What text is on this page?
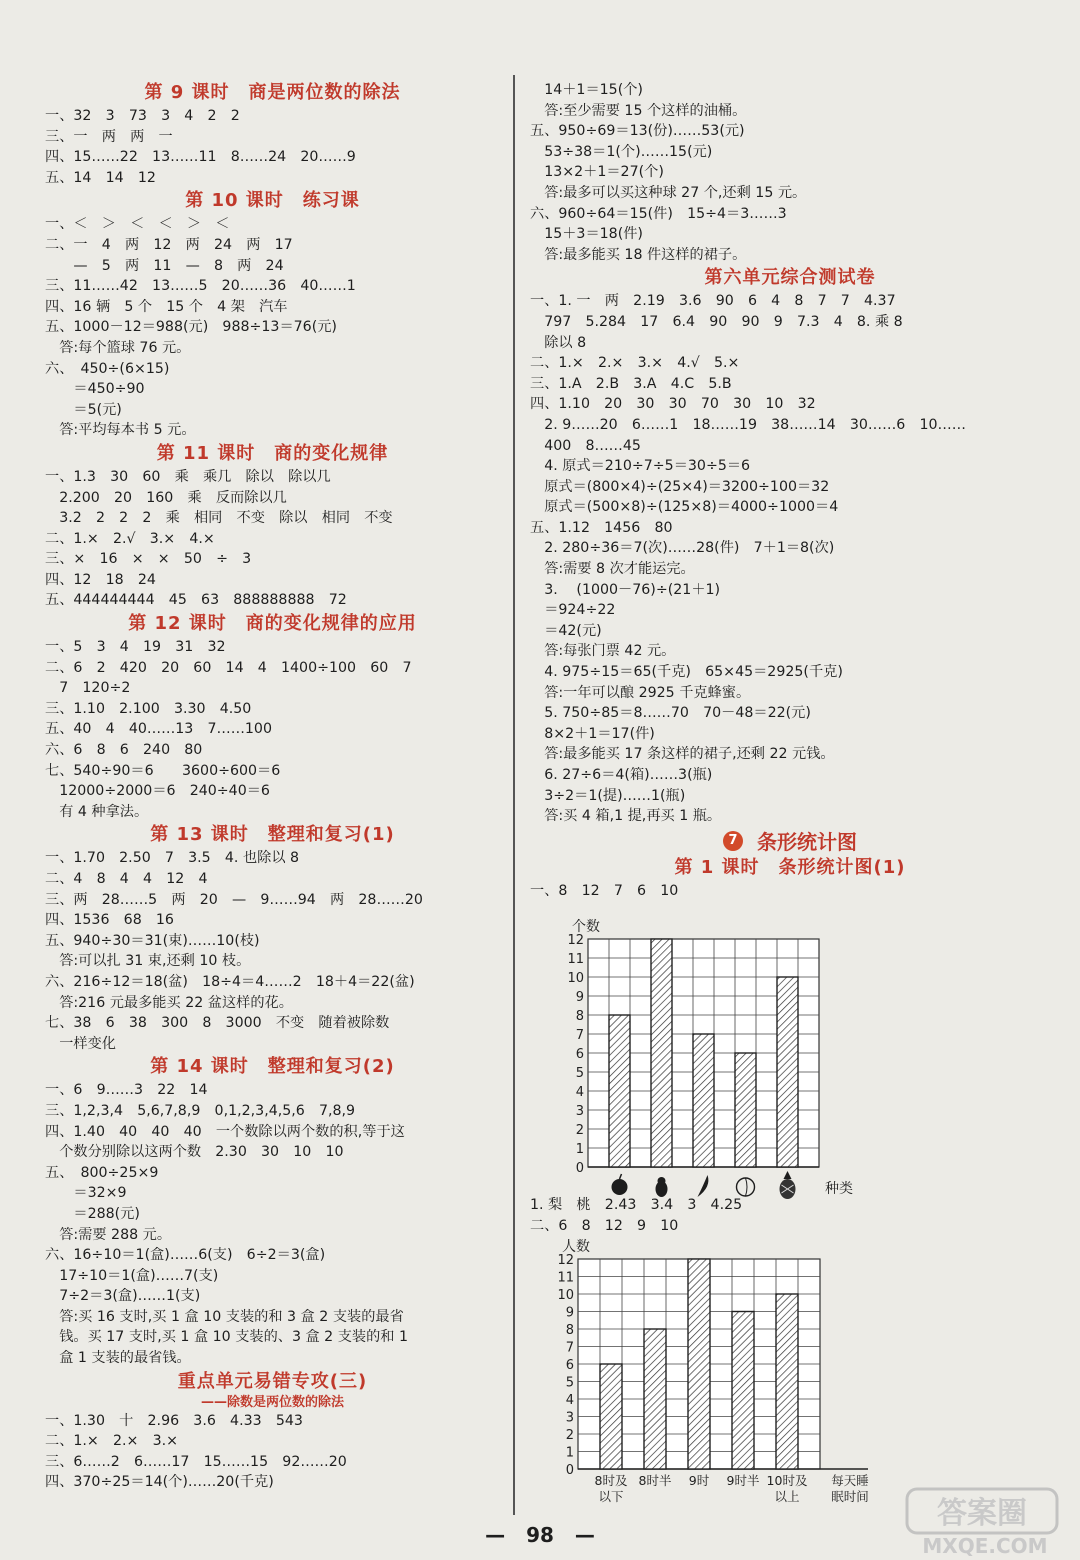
第 9 课时　商是两位数的除法
一、32　3　73　3　4　2　2
三、一　两　两　一
四、15……22　13……11　8……24　20……9
五、14　14　12
第 10 课时　练习课
一、＜　＞　＜　＜　＞　＜
二、一　4　两　12　两　24　两　17
　　—　5　两　11　—　8　两　24
三、11……42　13……5　20……36　40……1
四、16 辆　5 个　15 个　4 架　汽车
五、1000－12＝988(元)　988÷13＝76(元)
　答:每个篮球 76 元。
六、　450÷(6×15)
　　＝450÷90
　　＝5(元)
　答:平均每本书 5 元。
第 11 课时　商的变化规律
一、1.3　30　60　乘　乘几　除以　除以几
　2.200　20　160　乘　反而除以几
　3.2　2　2　2　乘　相同　不变　除以　相同　不变
二、1.×　2.√　3.×　4.×
三、×　16　×　×　50　÷　3
四、12　18　24
五、444444444　45　63　888888888　72
第 12 课时　商的变化规律的应用
一、5　3　4　19　31　32
二、6　2　420　20　60　14　4　1400÷100　60　7
　7　120÷2
三、1.10　2.100　3.30　4.50
五、40　4　40……13　7……100
六、6　8　6　240　80
七、540÷90＝6　　3600÷600＝6
　12000÷2000＝6　240÷40＝6
　有 4 种拿法。
第 13 课时　整理和复习(1)
一、1.70　2.50　7　3.5　4. 也除以 8
二、4　8　4　4　12　4
三、两　28……5　两　20　—　9……94　两　28……20
四、1536　68　16
五、940÷30＝31(束)……10(枝)
　答:可以扎 31 束,还剩 10 枝。
六、216÷12＝18(盆)　18÷4＝4……2　18＋4＝22(盆)
　答:216 元最多能买 22 盆这样的花。
七、38　6　38　300　8　3000　不变　随着被除数
　一样变化
第 14 课时　整理和复习(2)
一、6　9……3　22　14
三、1,2,3,4　5,6,7,8,9　0,1,2,3,4,5,6　7,8,9
四、1.40　40　40　40　一个数除以两个数的积,等于这
　个数分别除以这两个数　2.30　30　10　10
五、　800÷25×9
　　＝32×9
　　＝288(元)
　答:需要 288 元。
六、16÷10＝1(盒)……6(支)　6÷2＝3(盒)
　17÷10＝1(盒)……7(支)
　7÷2＝3(盒)……1(支)
　答:买 16 支时,买 1 盒 10 支装的和 3 盒 2 支装的最省
　钱。买 17 支时,买 1 盒 10 支装的、3 盒 2 支装的和 1
　盒 1 支装的最省钱。
重点单元易错专攻(三)
——除数是两位数的除法
一、1.30　十　2.96　3.6　4.33　543
二、1.×　2.×　3.×
三、6……2　6……17　15……15　92……20
四、370÷25＝14(个)……20(千克)
　14＋1＝15(个)
　答:至少需要 15 个这样的油桶。
五、950÷69＝13(份)……53(元)
　53÷38＝1(个)……15(元)
　13×2＋1＝27(个)
　答:最多可以买这种球 27 个,还剩 15 元。
六、960÷64＝15(件)　15÷4＝3……3
　15＋3＝18(件)
　答:最多能买 18 件这样的裙子。
第六单元综合测试卷
一、1. 一　两　2.19　3.6　90　6　4　8　7　7　4.37
　797　5.284　17　6.4　90　90　9　7.3　4　8. 乘 8
　除以 8
二、1.×　2.×　3.×　4.√　5.×
三、1.A　2.B　3.A　4.C　5.B
四、1.10　20　30　30　70　30　10　32
　2. 9……20　6……1　18……19　38……14　30……6　10……
　400　8……45
　4. 原式＝210÷7÷5＝30÷5＝6
　原式＝(800×4)÷(25×4)＝3200÷100＝32
　原式＝(500×8)÷(125×8)＝4000÷1000＝4
五、1.12　1456　80
　2. 280÷36＝7(次)……28(件)　7＋1＝8(次)
　答:需要 8 次才能运完。
　3.　 (1000－76)÷(21＋1)
　＝924÷22
　＝42(元)
　答:每张门票 42 元。
　4. 975÷15＝65(千克)　65×45＝2925(千克)
　答:一年可以酿 2925 千克蜂蜜。
　5. 750÷85＝8……70　70－48＝22(元)
　8×2＋1＝17(件)
　答:最多能买 17 条这样的裙子,还剩 22 元钱。
　6. 27÷6＝4(箱)……3(瓶)
　3÷2＝1(提)……1(瓶)
　答:买 4 箱,1 提,再买 1 瓶。
7 条形统计图
第 1 课时　条形统计图(1)
一、8　12　7　6　10
0
1
2
3
4
5
6
7
8
9
10
11
12
个数
种类
1. 梨　桃　2.43　3.4　3　4.25
二、6　8　12　9　10
0
1
2
3
4
5
6
7
8
9
10
11
12
人数
8时及
以下
8时半 9时 9时半 10时及
以上
每天睡
眠时间
— 98 —
答案圈
MXQE.COM
